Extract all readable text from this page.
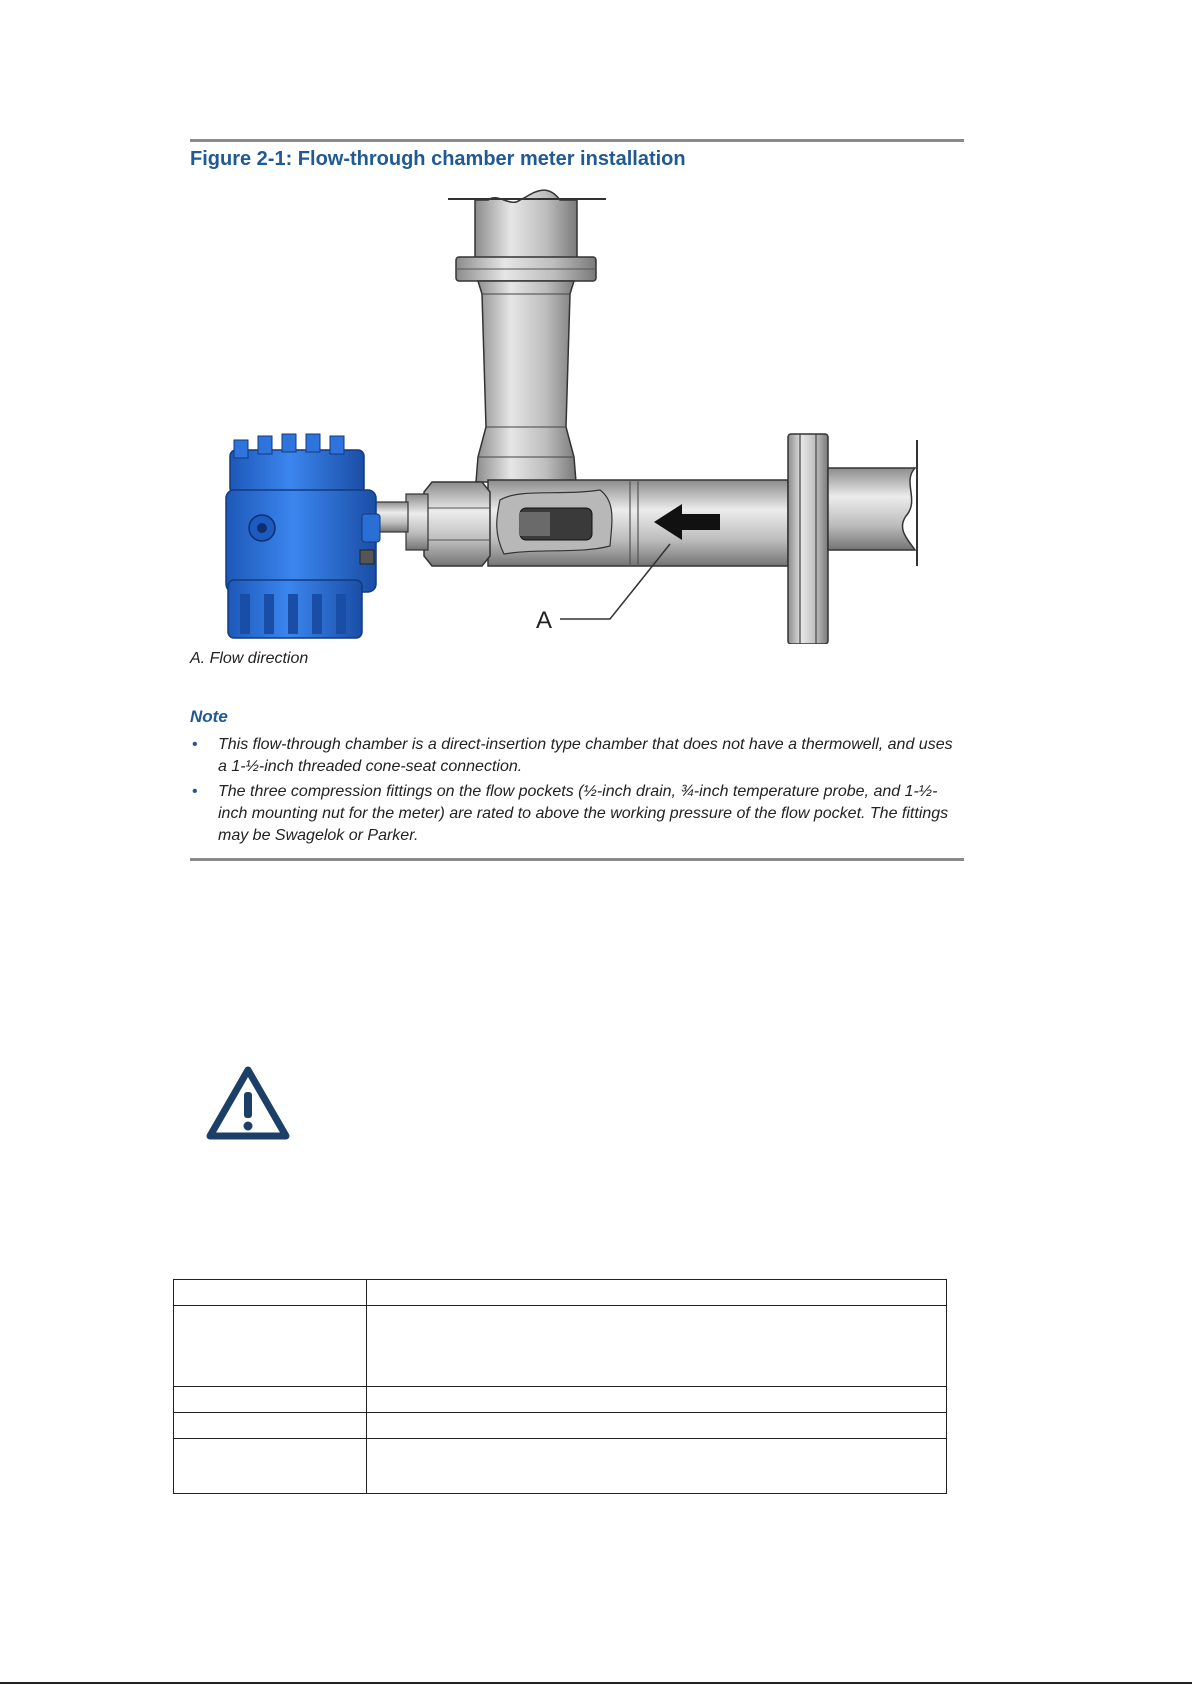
Figure 2-1: Flow-through chamber meter installation
A
A. Flow direction
Note
• This flow-through chamber is a direct-insertion type chamber that does not have a thermowell, and uses a 1-½-inch threaded cone-seat connection.
• The three compression fittings on the flow pockets (½-inch drain, ¾-inch temperature probe, and 1-½-inch mounting nut for the meter) are rated to above the working pressure of the flow pocket. The fittings may be Swagelok or Parker.
